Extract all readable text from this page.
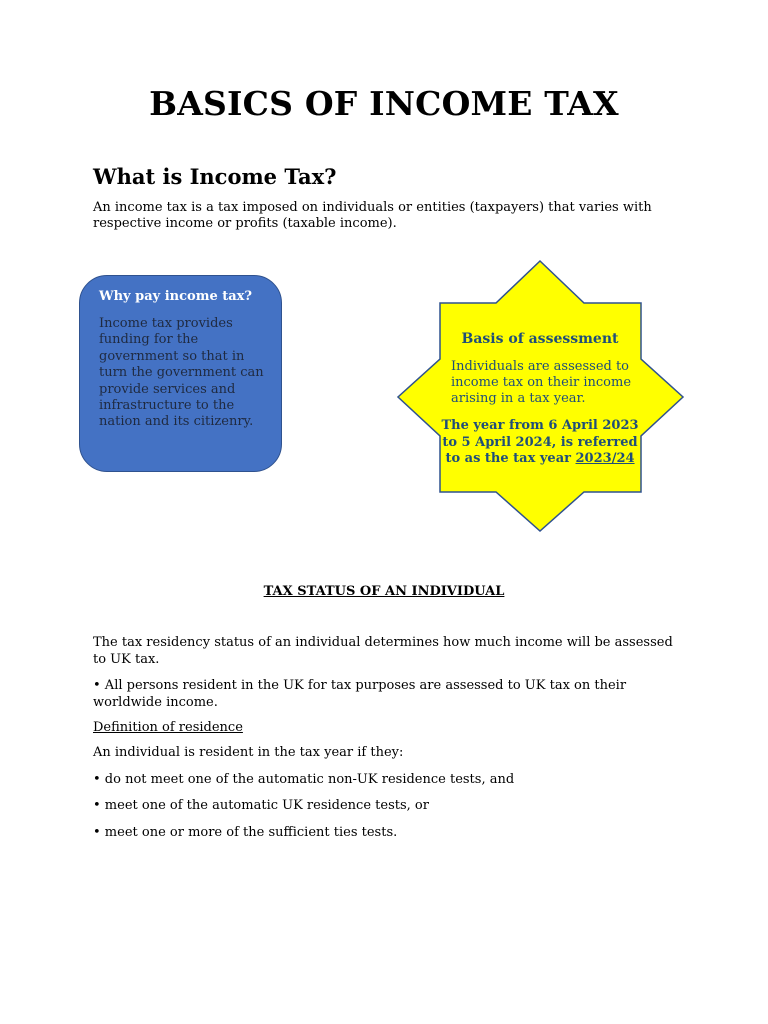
BASICS OF INCOME TAX
What is Income Tax?
An income tax is a tax imposed on individuals or entities (taxpayers) that varies with respective income or profits (taxable income).
Why pay income tax?
Income tax provides funding for the government so that in turn the government can provide services and infrastructure to the nation and its citizenry.
Basis of assessment
Individuals are assessed to income tax on their income arising in a tax year.
The year from 6 April 2023 to 5 April 2024, is referred to as the tax year 2023/24
TAX STATUS OF AN INDIVIDUAL
The tax residency status of an individual determines how much income will be assessed to UK tax.
• All persons resident in the UK for tax purposes are assessed to UK tax on their worldwide income.
Definition of residence
An individual is resident in the tax year if they:
• do not meet one of the automatic non-UK residence tests, and
• meet one of the automatic UK residence tests, or
• meet one or more of the sufficient ties tests.
